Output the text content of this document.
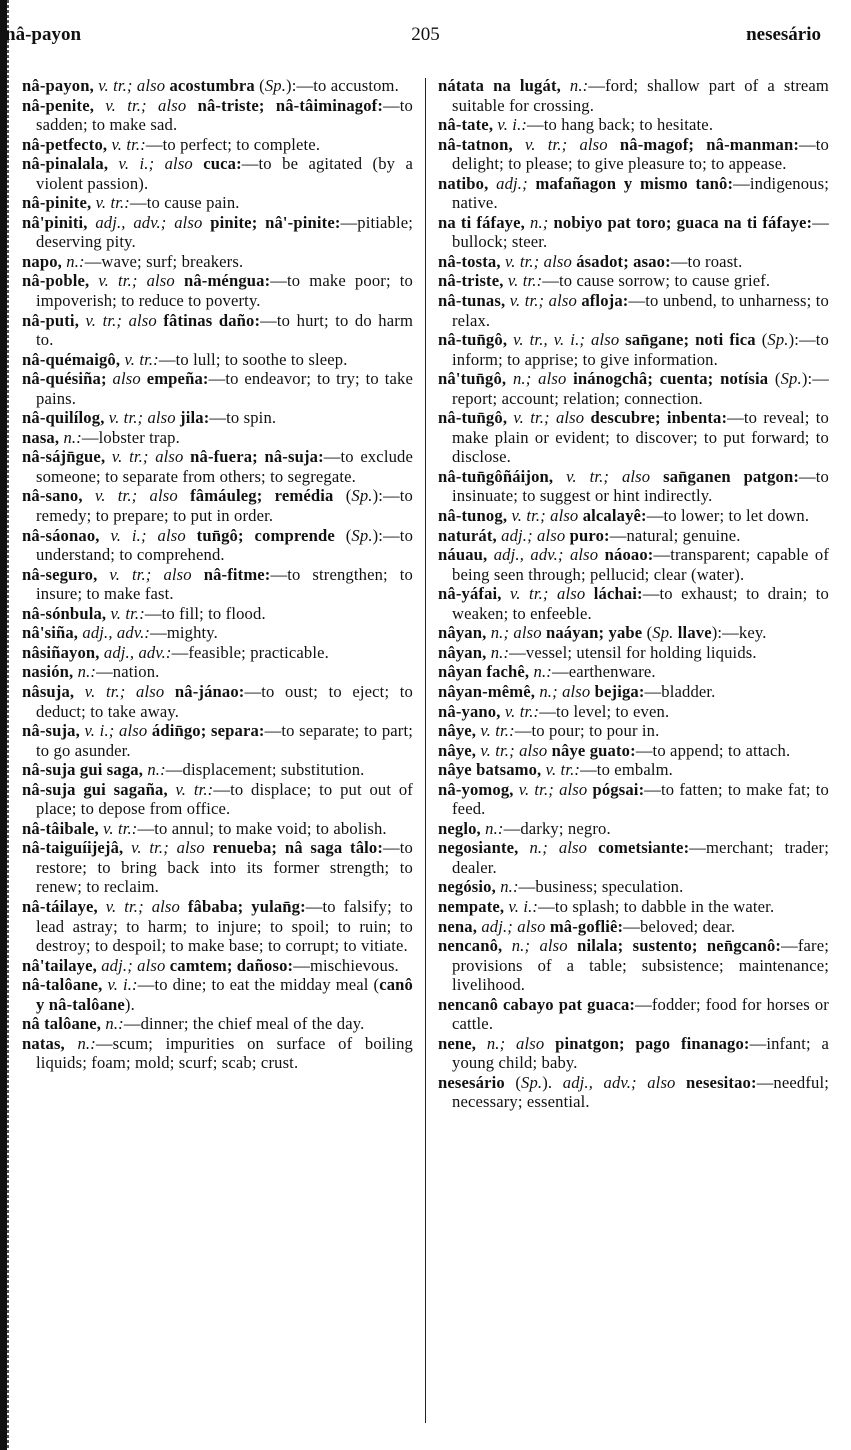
nâ-payon	205	nesesário

nâ-payon, v. tr.; also acostumbra (Sp.):—to accustom.

nâ-penite, v. tr.; also nâ-triste; nâ-tâiminagof:—to sadden; to make sad.

nâ-petfecto, v. tr.:—to perfect; to complete.

nâ-pinalala, v. i.; also cuca:—to be agitated (by a violent passion).

nâ-pinite, v. tr.:—to cause pain.

nâ'piniti, adj., adv.; also pinite; nâ'-pinite:—pitiable; deserving pity.

napo, n.:—wave; surf; breakers.

nâ-poble, v. tr.; also nâ-méngua:—to make poor; to impoverish; to reduce to poverty.

nâ-puti, v. tr.; also fâtinas daño:—to hurt; to do harm to.

nâ-quémaigô, v. tr.:—to lull; to soothe to sleep.

nâ-quésiña; also empeña:—to endeavor; to try; to take pains.

nâ-quilílog, v. tr.; also jila:—to spin.

nasa, n.:—lobster trap.

nâ-sájn̄gue, v. tr.; also nâ-fuera; nâ-suja:—to exclude someone; to separate from others; to segregate.

nâ-sano, v. tr.; also fâmáuleg; remédia (Sp.):—to remedy; to prepare; to put in order.

nâ-sáonao, v. i.; also tun̄gô; comprende (Sp.):—to understand; to comprehend.

nâ-seguro, v. tr.; also nâ-fitme:—to strengthen; to insure; to make fast.

nâ-sónbula, v. tr.:—to fill; to flood.

nâ'siña, adj., adv.:—mighty.

nâsiñayon, adj., adv.:—feasible; practicable.

nasión, n.:—nation.

nâsuja, v. tr.; also nâ-jánao:—to oust; to eject; to deduct; to take away.

nâ-suja, v. i.; also ádin̄go; separa:—to separate; to part; to go asunder.

nâ-suja gui saga, n.:—displacement; substitution.

nâ-suja gui sagaña, v. tr.:—to displace; to put out of place; to depose from office.

nâ-tâibale, v. tr.:—to annul; to make void; to abolish.

nâ-taiguíijejâ, v. tr.; also renueba; nâ saga tâlo:—to restore; to bring back into its former strength; to renew; to reclaim.

nâ-táilaye, v. tr.; also fâbaba; yulan̄g:—to falsify; to lead astray; to harm; to injure; to spoil; to ruin; to destroy; to despoil; to make base; to corrupt; to vitiate.

nâ'tailaye, adj.; also camtem; dañoso:—mischievous.

nâ-talôane, v. i.:—to dine; to eat the midday meal (canô y nâ-talôane).

nâ talôane, n.:—dinner; the chief meal of the day.

natas, n.:—scum; impurities on surface of boiling liquids; foam; mold; scurf; scab; crust.

nátata na lugát, n.:—ford; shallow part of a stream suitable for crossing.

nâ-tate, v. i.:—to hang back; to hesitate.

nâ-tatnon, v. tr.; also nâ-magof; nâ-manman:—to delight; to please; to give pleasure to; to appease.

natibo, adj.; mafañagon y mismo tanô:—indigenous; native.

na ti fáfaye, n.; nobiyo pat toro; guaca na ti fáfaye:—bullock; steer.

nâ-tosta, v. tr.; also ásadot; asao:—to roast.

nâ-triste, v. tr.:—to cause sorrow; to cause grief.

nâ-tunas, v. tr.; also afloja:—to unbend, to unharness; to relax.

nâ-tun̄gô, v. tr., v. i.; also san̄gane; noti fica (Sp.):—to inform; to apprise; to give information.

nâ'tun̄gô, n.; also inánogchâ; cuenta; notísia (Sp.):—report; account; relation; connection.

nâ-tun̄gô, v. tr.; also descubre; inbenta:—to reveal; to make plain or evident; to discover; to put forward; to disclose.

nâ-tun̄gôñáijon, v. tr.; also san̄ganen patgon:—to insinuate; to suggest or hint indirectly.

nâ-tunog, v. tr.; also alcalayê:—to lower; to let down.

naturát, adj.; also puro:—natural; genuine.

náuau, adj., adv.; also náoao:—transparent; capable of being seen through; pellucid; clear (water).

nâ-yáfai, v. tr.; also láchai:—to exhaust; to drain; to weaken; to enfeeble.

nâyan, n.; also naáyan; yabe (Sp. llave):—key.

nâyan, n.:—vessel; utensil for holding liquids.

nâyan fachê, n.:—earthenware.

nâyan-mêmê, n.; also bejiga:—bladder.

nâ-yano, v. tr.:—to level; to even.

nâye, v. tr.:—to pour; to pour in.

nâye, v. tr.; also nâye guato:—to append; to attach.

nâye batsamo, v. tr.:—to embalm.

nâ-yomog, v. tr.; also pógsai:—to fatten; to make fat; to feed.

neglo, n.:—darky; negro.

negosiante, n.; also cometsiante:—merchant; trader; dealer.

negósio, n.:—business; speculation.

nempate, v. i.:—to splash; to dabble in the water.

nena, adj.; also mâ-gofliê:—beloved; dear.

nencanô, n.; also nilala; sustento; nen̄gcanô:—fare; provisions of a table; subsistence; maintenance; livelihood.

nencanô cabayo pat guaca:—fodder; food for horses or cattle.

nene, n.; also pinatgon; pago finanago:—infant; a young child; baby.

nesesário (Sp.). adj., adv.; also nesesitao:—needful; necessary; essential.
